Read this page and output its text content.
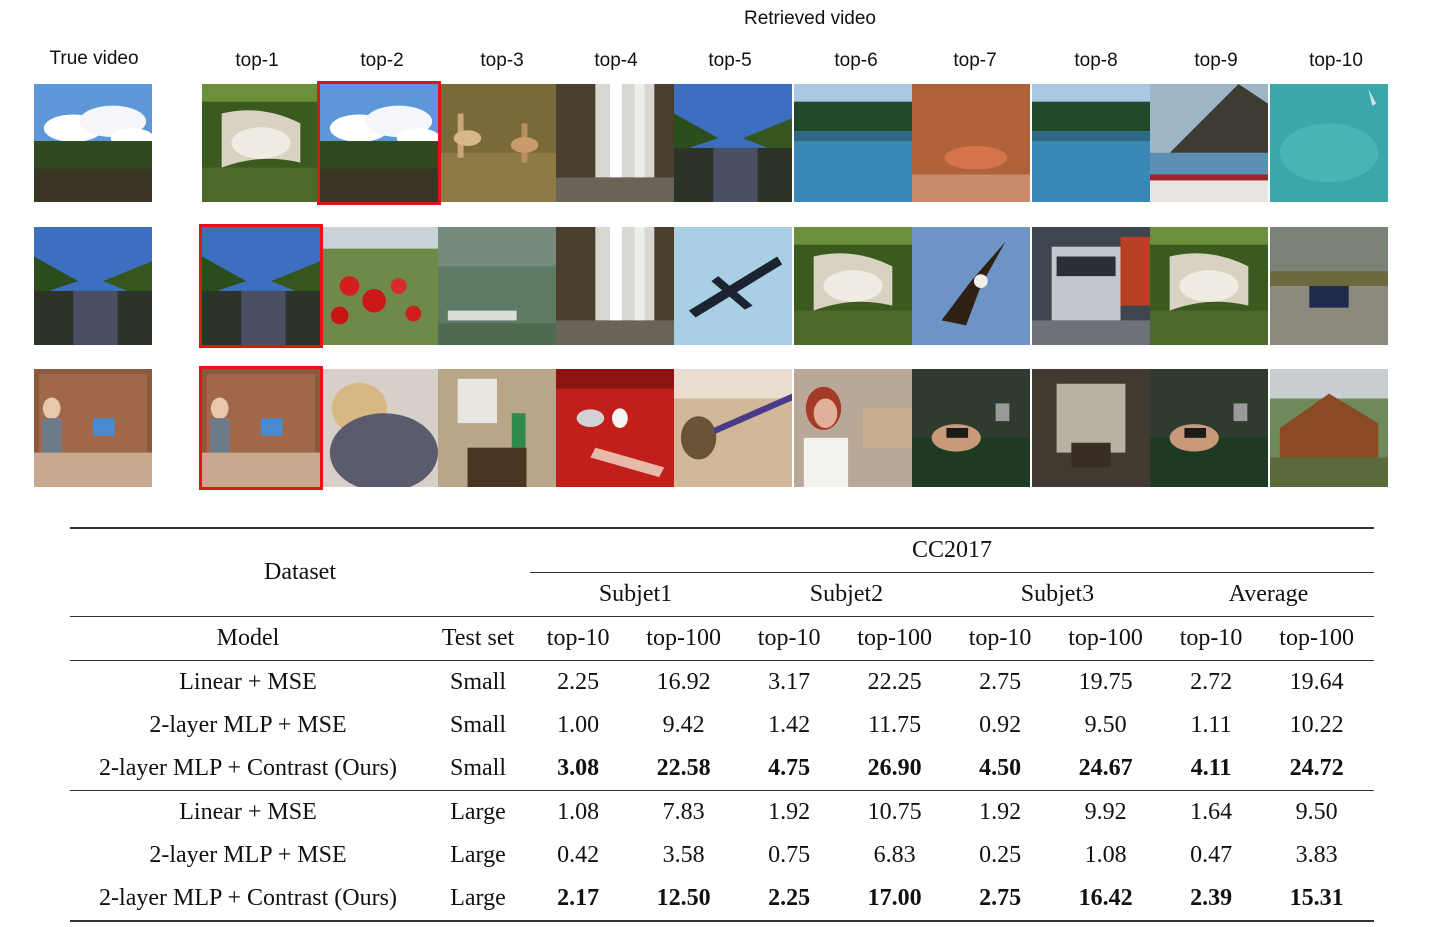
Retrieved video
True video	top-1	top-2	top-3	top-4	top-5	top-6	top-7	top-8	top-9	top-10
Dataset		CC2017							
		Subjet1		Subjet2		Subjet3		Average	
Model	Test set	top-10	top-100	top-10	top-100	top-10	top-100	top-10	top-100
Linear + MSE	Small	2.25	16.92	3.17	22.25	2.75	19.75	2.72	19.64
2-layer MLP + MSE	Small	1.00	9.42	1.42	11.75	0.92	9.50	1.11	10.22
2-layer MLP + Contrast (Ours)	Small	3.08	22.58	4.75	26.90	4.50	24.67	4.11	24.72
Linear + MSE	Large	1.08	7.83	1.92	10.75	1.92	9.92	1.64	9.50
2-layer MLP + MSE	Large	0.42	3.58	0.75	6.83	0.25	1.08	0.47	3.83
2-layer MLP + Contrast (Ours)	Large	2.17	12.50	2.25	17.00	2.75	16.42	2.39	15.31
